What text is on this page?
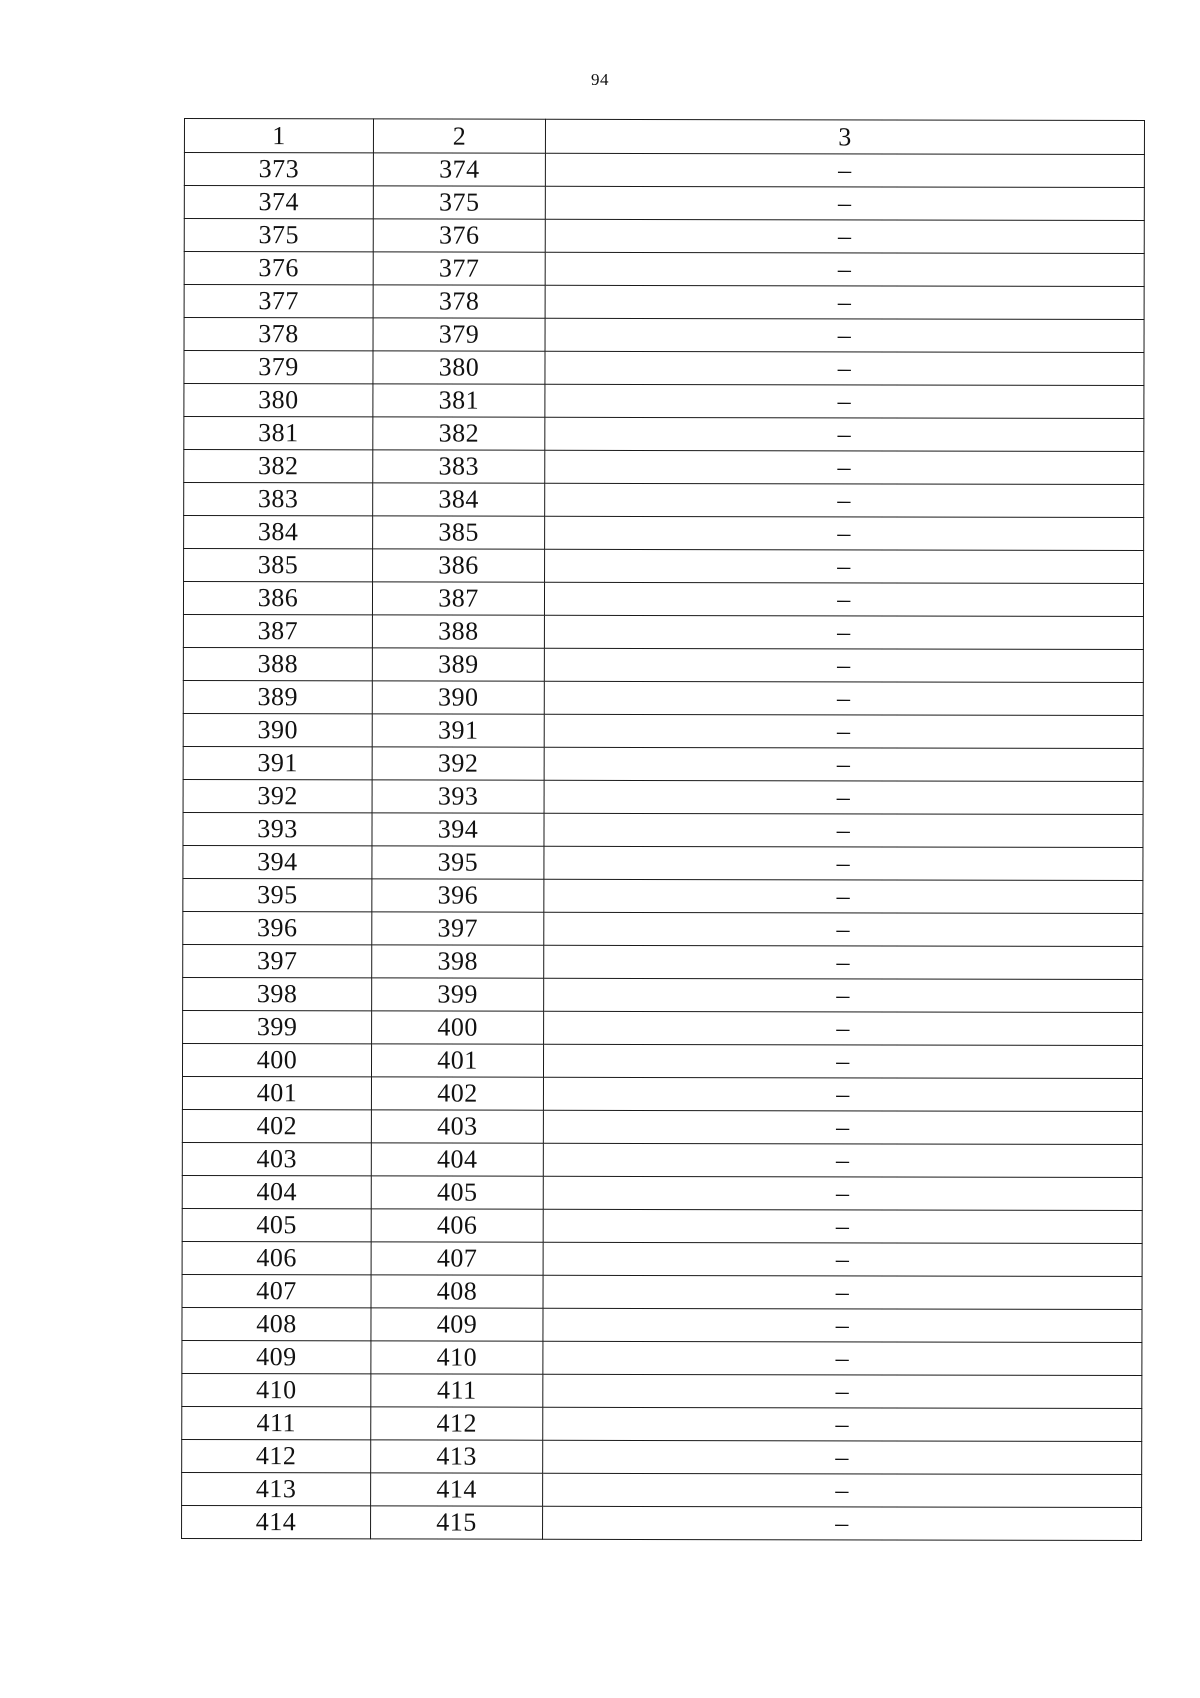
94
1	2	3
373	374	–
374	375	–
375	376	–
376	377	–
377	378	–
378	379	–
379	380	–
380	381	–
381	382	–
382	383	–
383	384	–
384	385	–
385	386	–
386	387	–
387	388	–
388	389	–
389	390	–
390	391	–
391	392	–
392	393	–
393	394	–
394	395	–
395	396	–
396	397	–
397	398	–
398	399	–
399	400	–
400	401	–
401	402	–
402	403	–
403	404	–
404	405	–
405	406	–
406	407	–
407	408	–
408	409	–
409	410	–
410	411	–
411	412	–
412	413	–
413	414	–
414	415	–
